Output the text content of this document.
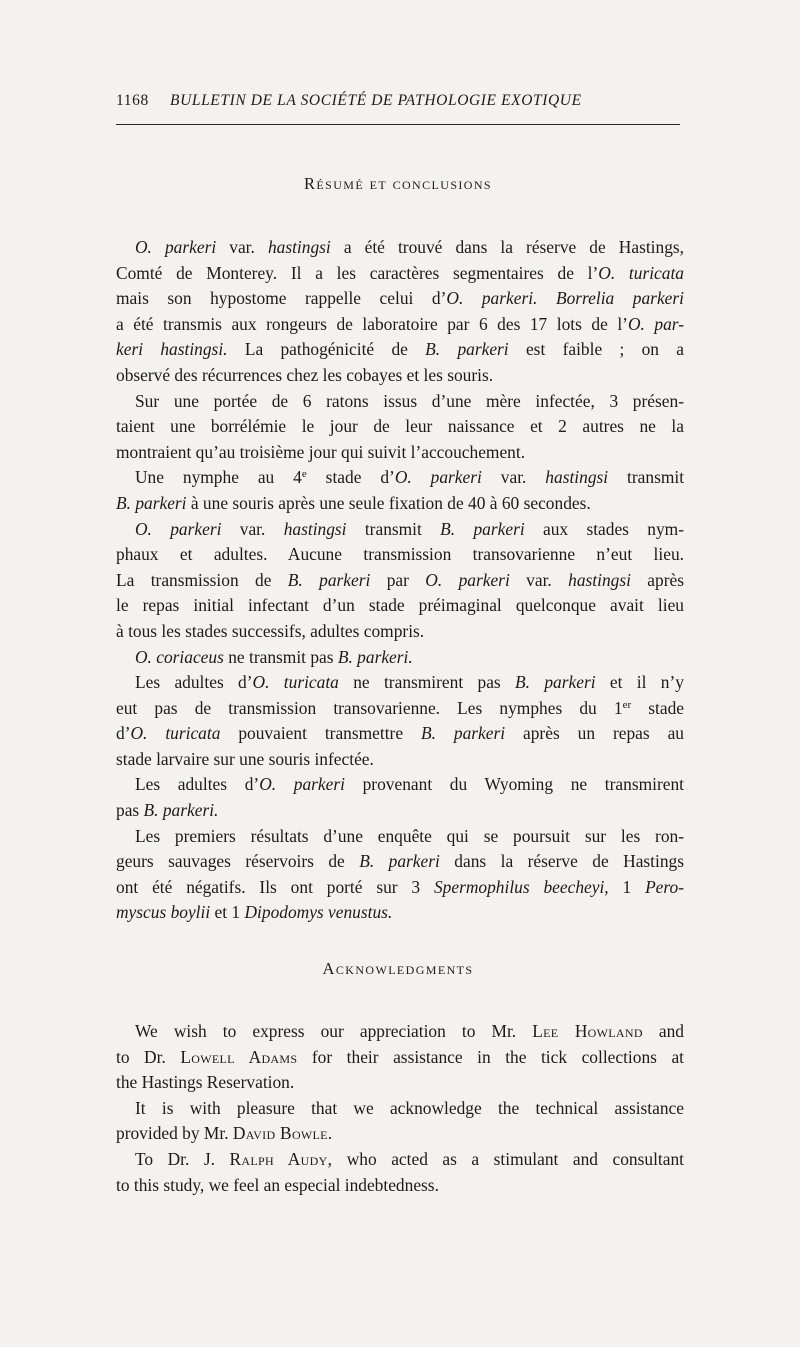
1168 BULLETIN DE LA SOCIÉTÉ DE PATHOLOGIE EXOTIQUE
Résumé et conclusions

O. parkeri var. hastingsi a été trouvé dans la réserve de Hastings,

Comté de Monterey. Il a les caractères segmentaires de l’O. turicata

mais son hypostome rappelle celui d’O. parkeri. Borrelia parkeri

a été transmis aux rongeurs de laboratoire par 6 des 17 lots de l’O. par-

keri hastingsi. La pathogénicité de B. parkeri est faible ; on a

observé des récurrences chez les cobayes et les souris.

Sur une portée de 6 ratons issus d’une mère infectée, 3 présen-

taient une borrélémie le jour de leur naissance et 2 autres ne la

montraient qu’au troisième jour qui suivit l’accouchement.

Une nymphe au 4e stade d’O. parkeri var. hastingsi transmit

B. parkeri à une souris après une seule fixation de 40 à 60 secondes.

O. parkeri var. hastingsi transmit B. parkeri aux stades nym-

phaux et adultes. Aucune transmission transovarienne n’eut lieu.

La transmission de B. parkeri par O. parkeri var. hastingsi après

le repas initial infectant d’un stade préimaginal quelconque avait lieu

à tous les stades successifs, adultes compris.

O. coriaceus ne transmit pas B. parkeri.

Les adultes d’O. turicata ne transmirent pas B. parkeri et il n’y

eut pas de transmission transovarienne. Les nymphes du 1er stade

d’O. turicata pouvaient transmettre B. parkeri après un repas au

stade larvaire sur une souris infectée.

Les adultes d’O. parkeri provenant du Wyoming ne transmirent

pas B. parkeri.

Les premiers résultats d’une enquête qui se poursuit sur les ron-

geurs sauvages réservoirs de B. parkeri dans la réserve de Hastings

ont été négatifs. Ils ont porté sur 3 Spermophilus beecheyi, 1 Pero-

myscus boylii et 1 Dipodomys venustus.

Acknowledgments

We wish to express our appreciation to Mr. Lee Howland and

to Dr. Lowell Adams for their assistance in the tick collections at

the Hastings Reservation.

It is with pleasure that we acknowledge the technical assistance

provided by Mr. David Bowle.

To Dr. J. Ralph Audy, who acted as a stimulant and consultant

to this study, we feel an especial indebtedness.
